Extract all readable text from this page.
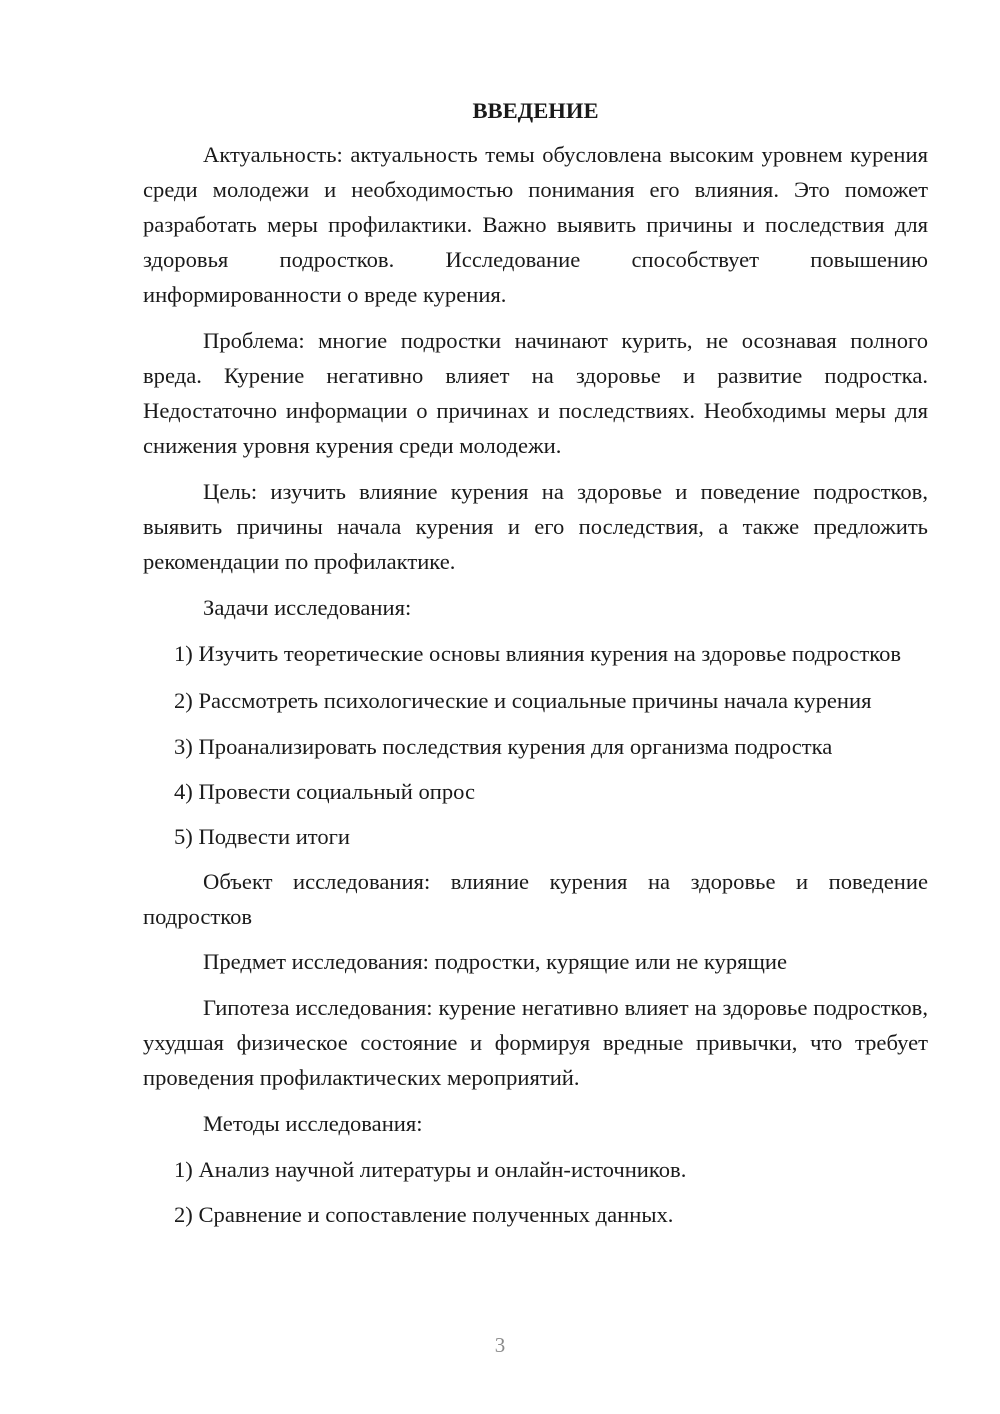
ВВЕДЕНИЕ

Актуальность: актуальность темы обусловлена высоким уровнем курения среди молодежи и необходимостью понимания его влияния. Это поможет разработать меры профилактики. Важно выявить причины и последствия для здоровья подростков. Исследование способствует повышению информированности о вреде курения.

Проблема: многие подростки начинают курить, не осознавая полного вреда. Курение негативно влияет на здоровье и развитие подростка. Недостаточно информации о причинах и последствиях. Необходимы меры для снижения уровня курения среди молодежи.

Цель: изучить влияние курения на здоровье и поведение подростков, выявить причины начала курения и его последствия, а также предложить рекомендации по профилактике.

Задачи исследования:

1) Изучить теоретические основы влияния курения на здоровье подростков

2) Рассмотреть психологические и социальные причины начала курения

3) Проанализировать последствия курения для организма подростка

4) Провести социальный опрос

5) Подвести итоги

Объект исследования: влияние курения на здоровье и поведение подростков

Предмет исследования: подростки, курящие или не курящие

Гипотеза исследования: курение негативно влияет на здоровье подростков, ухудшая физическое состояние и формируя вредные привычки, что требует проведения профилактических мероприятий.

Методы исследования:

1) Анализ научной литературы и онлайн-источников.

2) Сравнение и сопоставление полученных данных.

3
